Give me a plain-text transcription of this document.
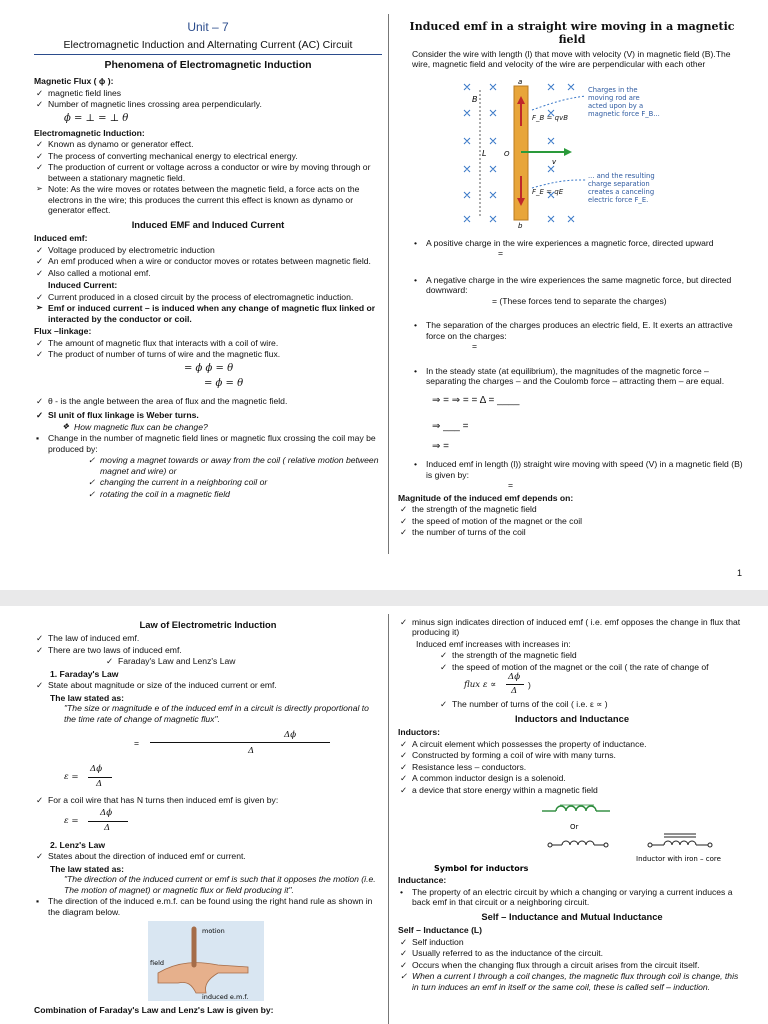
Unit – 7
Electromagnetic Induction and Alternating Current (AC) Circuit
Phenomena of Electromagnetic Induction
Magnetic Flux ( ϕ ):
✓ magnetic field lines
✓ Number of magnetic lines crossing area perpendicularly.
ϕ = ⊥ = ⊥ θ
Electromagnetic Induction:
✓ Known as dynamo or generator effect.
✓ The process of converting mechanical energy to electrical energy.
✓ The production of current or voltage across a conductor or wire by moving through or between a stationary magnetic field.
➢ Note: As the wire moves or rotates between the magnetic field, a force acts on the electrons in the wire; this produces the current this effect is known as dynamo or generator effect.
Induced EMF and Induced Current
Induced emf:
✓ Voltage produced by electrometric induction
✓ An emf produced when a wire or conductor moves or rotates between magnetic field.
✓ Also called a motional emf.
Induced Current:
✓ Current produced in a closed circuit by the process of electromagnetic induction.
➢ Emf or induced current – is induced when any change of magnetic flux linked or interacted by the conductor or coil.
Flux –linkage:
✓ The amount of magnetic flux that interacts with a coil of wire.
✓ The product of number of turns of wire and the magnetic flux.
= ϕ ϕ = θ
= ϕ = θ
✓ θ - is the angle between the area of flux and the magnetic field.
✓ SI unit of flux linkage is Weber turns.
❖ How magnetic flux can be change?
▪ Change in the number of magnetic field lines or magnetic flux crossing the coil may be produced by:
✓ moving a magnet towards or away from the coil ( relative motion between magnet and wire) or
✓ changing the current in a neighboring coil or
✓ rotating the coil in a magnetic field
Induced emf in a straight wire moving in a magnetic field
Consider the wire with length (l) that move with velocity (V) in magnetic field (B).The wire, magnetic field and velocity of the wire are perpendicular with each other
B
L
a
b
O
v
F_B = qvB
F_E = qE
Charges in the moving rod are acted upon by a magnetic force F_B...
... and the resulting charge separation creates a canceling electric force F_E.
• A positive charge in the wire experiences a magnetic force, directed upward
=
• A negative charge in the wire experiences the same magnetic force, but directed downward:
= (These forces tend to separate the charges)
• The separation of the charges produces an electric field, E. It exerts an attractive force on the charges:
=
• In the steady state (at equilibrium), the magnitudes of the magnetic force – separating the charges – and the Coulomb force – attracting them – are equal.
⇒ = ⇒ = = Δ = ____
⇒ ___ =
⇒ =
• Induced emf in length (l)) straight wire moving with speed (V) in a magnetic field (B) is given by:
=
Magnitude of the induced emf depends on:
✓ the strength of the magnetic field
✓ the speed of motion of the magnet or the coil
✓ the number of turns of the coil
1
Law of Electrometric Induction
✓ The law of induced emf.
✓ There are two laws of induced emf.
✓ Faraday's Law and Lenz's Law
1. Faraday's Law
✓ State about magnitude or size of the induced current or emf.
The law stated as:
"The size or magnitude e of the induced emf in a circuit is directly proportional to the time rate of change of magnetic flux".
=
Δϕ
Δ
ε =
Δϕ
Δ
✓ For a coil wire that has N turns then induced emf is given by:
ε =
Δϕ
Δ
2. Lenz's Law
✓ States about the direction of induced emf or current.
The law stated as:
"The direction of the induced current or emf is such that it opposes the motion (i.e. The motion of magnet) or magnetic flux or field producing it".
▪ The direction of the induced e.m.f. can be found using the right hand rule as shown in the diagram below.
motion
field
induced e.m.f.
Combination of Faraday's Law and Lenz's Law is given by:
✓ minus sign indicates direction of induced emf ( i.e. emf opposes the change in flux that producing it)
Induced emf increases with increases in:
✓ the strength of the magnetic field
✓ the speed of motion of the magnet or the coil ( the rate of change of
flux ε ∝
Δϕ
Δ
)
✓ The number of turns of the coil ( i.e. ε ∝ )
Inductors and Inductance
Inductors:
✓ A circuit element which possesses the property of inductance.
✓ Constructed by forming a coil of wire with many turns.
✓ Resistance less – conductors.
✓ A common inductor design is a solenoid.
✓ a device that store energy within a magnetic field
Or
Inductor with iron – core
Symbol for inductors
Inductance:
• The property of an electric circuit by which a changing or varying a current induces a back emf in that circuit or a neighboring circuit.
Self – Inductance and Mutual Inductance
Self – Inductance (L)
✓ Self induction
✓ Usually referred to as the inductance of the circuit.
✓ Occurs when the changing flux through a circuit arises from the circuit itself.
✓ When a current I through a coil changes, the magnetic flux through coil is change, this in turn induces an emf in itself or the same coil, these is called self – induction.
